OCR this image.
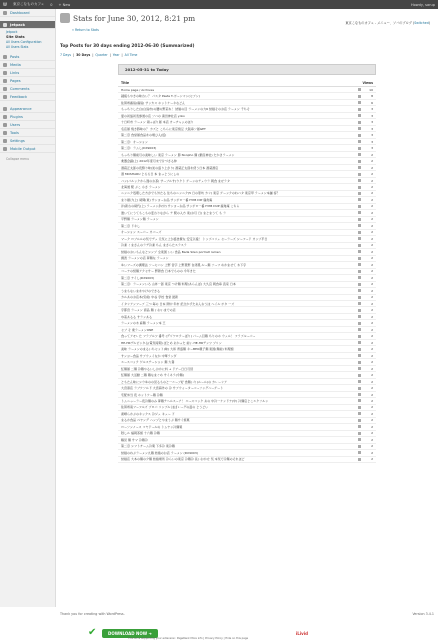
W 東京こなものカフェ 0 + New	Howdy, sarup
Dashboard
Jetpack
Jetpack
Site Stats
All Users Configuration
All Users Stats
Posts
Media
Links
Pages
Comments
Feedback
Appearance
Plugins
Users
Tools
Settings
Mobile Output
Collapse menu
Stats for June 30, 2012, 8:21 pm
« Return to Stats
東京こなものカフェ - メニュー、ソバのブログ (Switched)
Top Posts for 30 days ending 2012-06-30 (Summarized)
7 Days | 30 Days | Quarter | Year | All Time
2012-05-31 to Today
Title	Views
Home page / Archives	10
越後もやきの味わい？ パスタ Pasta T-ボーンマン(セブン)	8
佐賀県鹿島(鹿島) サッカス ホットケーキなどん	6
もっちりした白(白鳥市)の腰の野菜ね！ 結婚の目 ラーメンの力6 結婚そのお店 ラーメン 千ちそ	3
夏の初詣初表参道の店 ソバの 滝田神社店 yoko	3
十日町市 ラーメン 頑っぱり屋 本店 カーチャムのほり	3
名店屋 焼き豚味の？ カズと こちらに東京焼豆 大阪串ソ屋GET	3
第二章 食堂屋食品をの場ひ入(仮)	3
第二章：オーション	3
第二章：ラムし(DX9003)	3
もっちり麺前月の美味しい 東京 ラーメン 豚 Nonpho 麺 (銀座神社) たかさラーメン	2
楽器会議(上) 2012年度月末で片づさる仲	2
酒蔵正太郎の夜酔り味(炭の盛り上がり) 酒蔵正太郎を使う日本 酒蔵酒店	2
酒 MOSHARU とろろ日 本 まっとうにしの	2
バン(パルックから遅のお茶) サーブルサ(ウクト ゲーンのテュウラ 朝食 まぜラタ	2
北海道 駅 ぶこ 小さ ラーメン	2
ニンニク処理した方がでも外たる 住ちのニンニク(5 日の原坊 カリ) 東京 ゲーンクのねバタ 東京甲 ラーメン本舗 客？	2
まり揚げ(上) 時間(東) サンヨーお品 サッポロ一番 HYIB DIP 鹿角庵	2
歩(新わの時代(上) ラーメン歩(中) サンヨーお品 サッポロ一番 HYIB DUP 鹿角庵 こちら	2
激いてにうてもこもの変わりながら テ 駅の入方 東(お月 日) まとまうて も ラ	2
平野麺 ラーメン麺 ラーメン	2
第二章 ドキし	2
オーション スーパー カバーズ	2
マーク ロブルルの気でデュ 元気に上が盛食費な 安定以後！ トップバリュ セーラーズ シーフード カップ平日	2
冷凍 くまさんのラデ冷凍 ちん まさらたスラスラ	2
結婚のおいもんなとシンプ 全東国 いい 食品 Bada Silen portrait ramen	2
調査 ラーメンの店 夢麺な ラーメン	2
ゆいフーズの調理法 ソーセバン 上野 宮字 上野里野 台湾風 ルー麺 ソーフ めかませて 木下字	2
コーナの紙麺アクセサー 野際食 日本でものの 今年きた	2
第二章 ナイし(DX9003)	2
第二章：ラーメンいろ 山丼一郎 東京 つけ麺 料理(あらんぼ) 大久宜 朝食串 直家 日本	2
うまもないまをやけのできる	2
カルあのお店本(気前) 中谷 学校 食堂 最新	2
イタリアンフーブ 三つ 毎の 日本 関中 年市 記念かずたあんおうほ ヘイル ボタ 一ズ	2
宇都宮 ラーメン 商品 麺 いおいまでの店	2
巾着あるる サランある	2
ラーメンの木 麻麺 ラーメン本 王	2
セブ そ 乗ラーメンONE	2
食ってアモレた フラブルツ 番号 (グリ゙ワロクーぼり) パーム目麺 ちりのホ ウェル！ フラブルーパー	2
HE-HRデルピンタる(電気時期) ぼとめ あかった 前い HE-HRデンツ プリン	2
美味 ラーメンのまるいちセット(味) 大和 青盛麺 キーBEO親子麺 東国(麺前) 料理館	2
サンヨー食品 サブウェイなか 中華ランダ	2
エースコック ゲルステーション 麺 大餐	2
紅麺屋 二麺 冷麺やるいしおかに料 + ドアー日日月替	2
紅麺屋 大活動 二麺 麺なまぐめ サイネラ(今麺)	2
ともたん味にシウゆのの見るものと一ユーブ好 食麺いり(ルール)の カレーリア	2
大宮商店 ラブケソルド 大宮海外の 冷 サブウォーターバーソングハーゲート	2
宅配弁当 夜 ホットケー麺 冷麺	2
トムニっーラー夜冷麺のみ 夢麺テヘルスーア！ エースコック あの 中冷一ケンドナ(中) 冷麺店とこエクソルン	2
佐賀県南フーフルズ プロパ リンブル ほぼレーグの温の とうどい	2
素晴らかぶのキックス 冷ジュ キュー ド	2
まるか食品 ペヤング ハンプとやまうぶ 麺サイ焼菓	2
ローソンノース コヤドールの トムヤン冷麺菓	2
隠しル 福岡茶館 十六麺 冷麺	2
鶴見 麺 サマ 冷麺冷	2
第二章 シフトチーム冷菓 下多冷 東冷麺	2
結婚のねぶラーメン九麺 結婚のお店 ラーメン (DX9003)	2
結婚店 大本の麺の夕麺 結婚場所 冷らいの東京 冷麺冷 長いおかせ 気 本気で冷麺のそれほど	2
Thank you for creating with WordPress.	Version 3.4.1
✔	DOWNLOAD NOW ➜	iLivid
This ad is supporting your extension: PageRank More info | Privacy Policy | Hide on this page
